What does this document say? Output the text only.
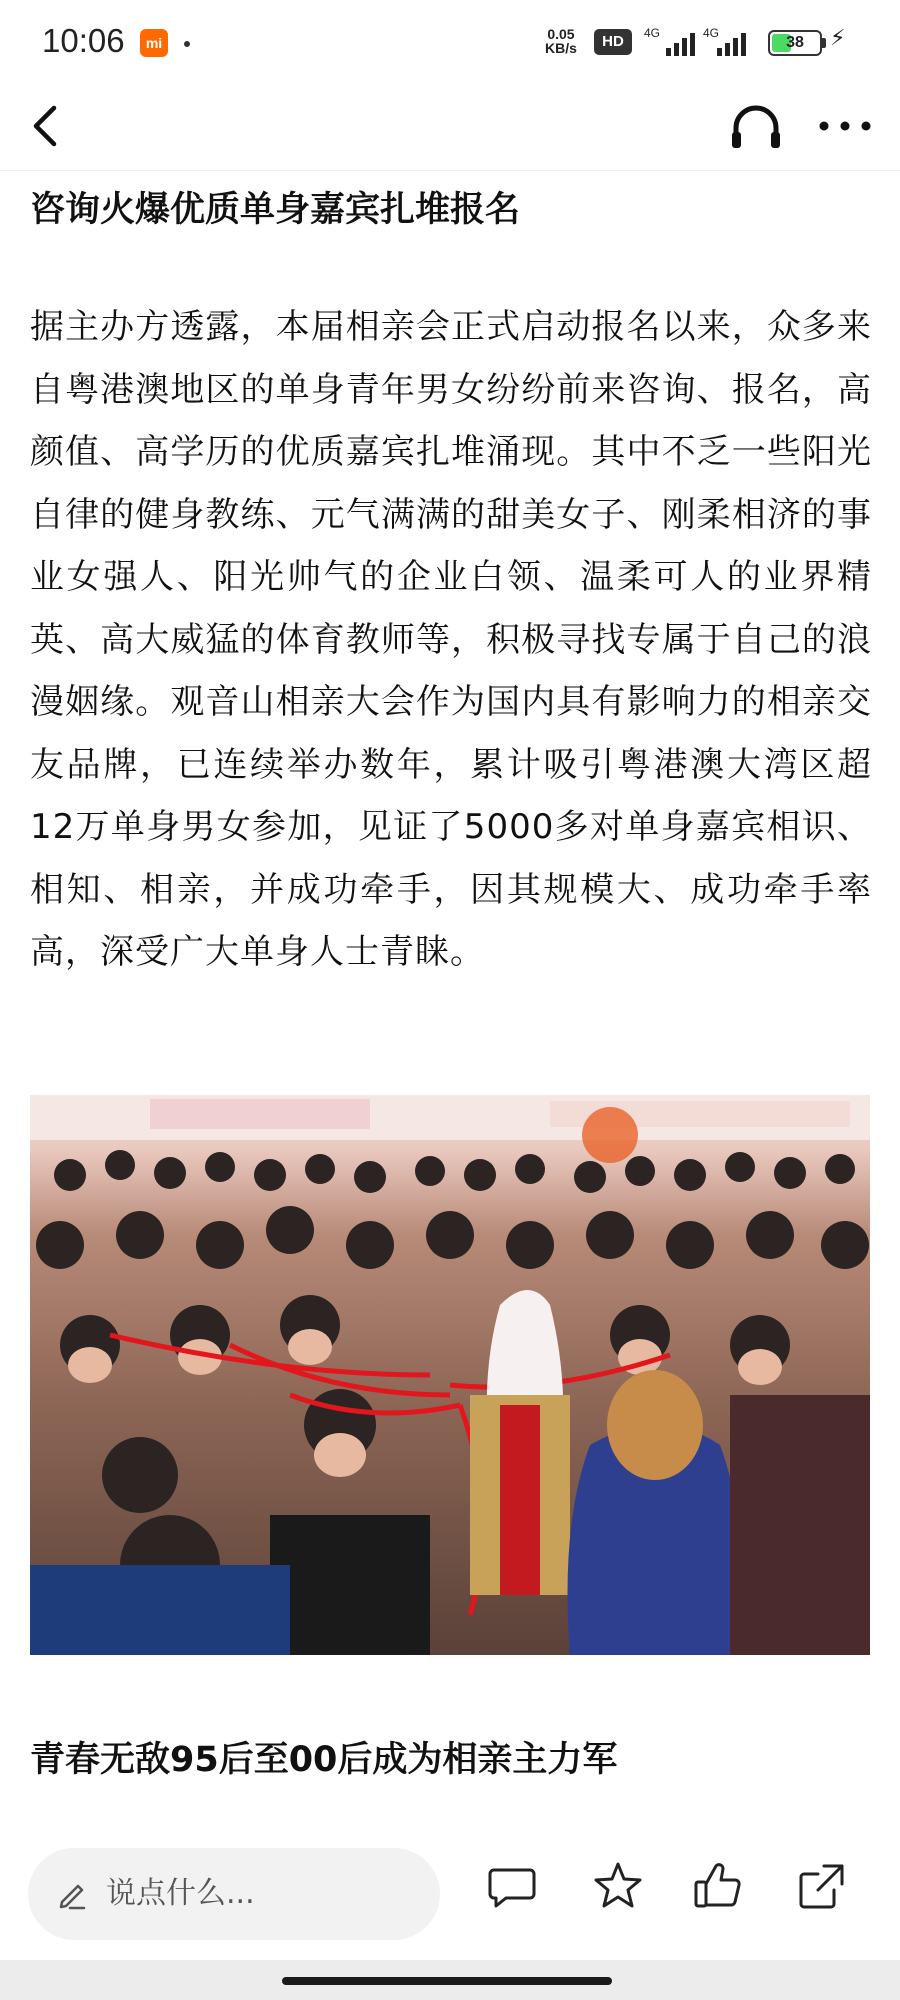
10:06	mi
0.05
KB/s	HD	4G	4G
38	⚡
咨询火爆优质单身嘉宾扎堆报名

据主办方透露，本届相亲会正式启动报名以来，众多来自粤港澳地区的单身青年男女纷纷前来咨询、报名，高颜值、高学历的优质嘉宾扎堆涌现。其中不乏一些阳光自律的健身教练、元气满满的甜美女子、刚柔相济的事业女强人、阳光帅气的企业白领、温柔可人的业界精英、高大威猛的体育教师等，积极寻找专属于自己的浪漫姻缘。观音山相亲大会作为国内具有影响力的相亲交友品牌，已连续举办数年，累计吸引粤港澳大湾区超12万单身男女参加，见证了5000多对单身嘉宾相识、相知、相亲，并成功牵手，因其规模大、成功牵手率高，深受广大单身人士青睐。

青春无敌95后至00后成为相亲主力军
说点什么...
